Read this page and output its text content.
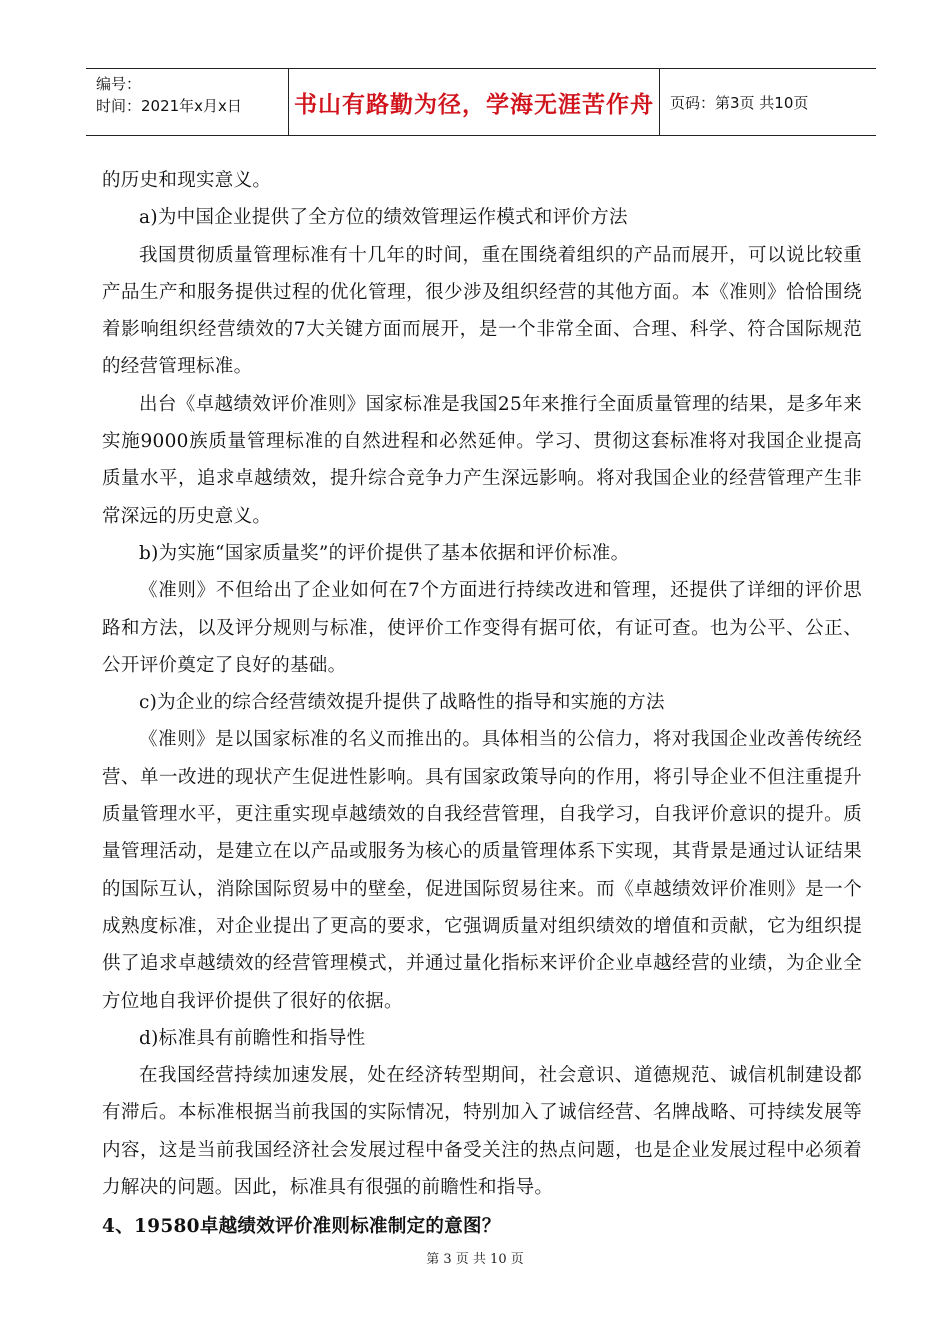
编号：
时间：2021年x月x日	书山有路勤为径，学海无涯苦作舟	页码：第3页 共10页

的历史和现实意义。

a)为中国企业提供了全方位的绩效管理运作模式和评价方法

我国贯彻质量管理标准有十几年的时间，重在围绕着组织的产品而展开，可以说比较重产品生产和服务提供过程的优化管理，很少涉及组织经营的其他方面。本《准则》恰恰围绕着影响组织经营绩效的7大关键方面而展开，是一个非常全面、合理、科学、符合国际规范的经营管理标准。

出台《卓越绩效评价准则》国家标准是我国25年来推行全面质量管理的结果，是多年来实施9000族质量管理标准的自然进程和必然延伸。学习、贯彻这套标准将对我国企业提高质量水平，追求卓越绩效，提升综合竞争力产生深远影响。将对我国企业的经营管理产生非常深远的历史意义。

b)为实施“国家质量奖”的评价提供了基本依据和评价标准。

《准则》不但给出了企业如何在7个方面进行持续改进和管理，还提供了详细的评价思路和方法，以及评分规则与标准，使评价工作变得有据可依，有证可查。也为公平、公正、公开评价奠定了良好的基础。

c)为企业的综合经营绩效提升提供了战略性的指导和实施的方法

《准则》是以国家标准的名义而推出的。具体相当的公信力，将对我国企业改善传统经营、单一改进的现状产生促进性影响。具有国家政策导向的作用，将引导企业不但注重提升质量管理水平，更注重实现卓越绩效的自我经营管理，自我学习，自我评价意识的提升。质量管理活动，是建立在以产品或服务为核心的质量管理体系下实现，其背景是通过认证结果的国际互认，消除国际贸易中的壁垒，促进国际贸易往来。而《卓越绩效评价准则》是一个成熟度标准，对企业提出了更高的要求，它强调质量对组织绩效的增值和贡献，它为组织提供了追求卓越绩效的经营管理模式，并通过量化指标来评价企业卓越经营的业绩，为企业全方位地自我评价提供了很好的依据。

d)标准具有前瞻性和指导性

在我国经营持续加速发展，处在经济转型期间，社会意识、道德规范、诚信机制建设都有滞后。本标准根据当前我国的实际情况，特别加入了诚信经营、名牌战略、可持续发展等内容，这是当前我国经济社会发展过程中备受关注的热点问题，也是企业发展过程中必须着力解决的问题。因此，标准具有很强的前瞻性和指导。

4、19580卓越绩效评价准则标准制定的意图？

第 3 页 共 10 页
